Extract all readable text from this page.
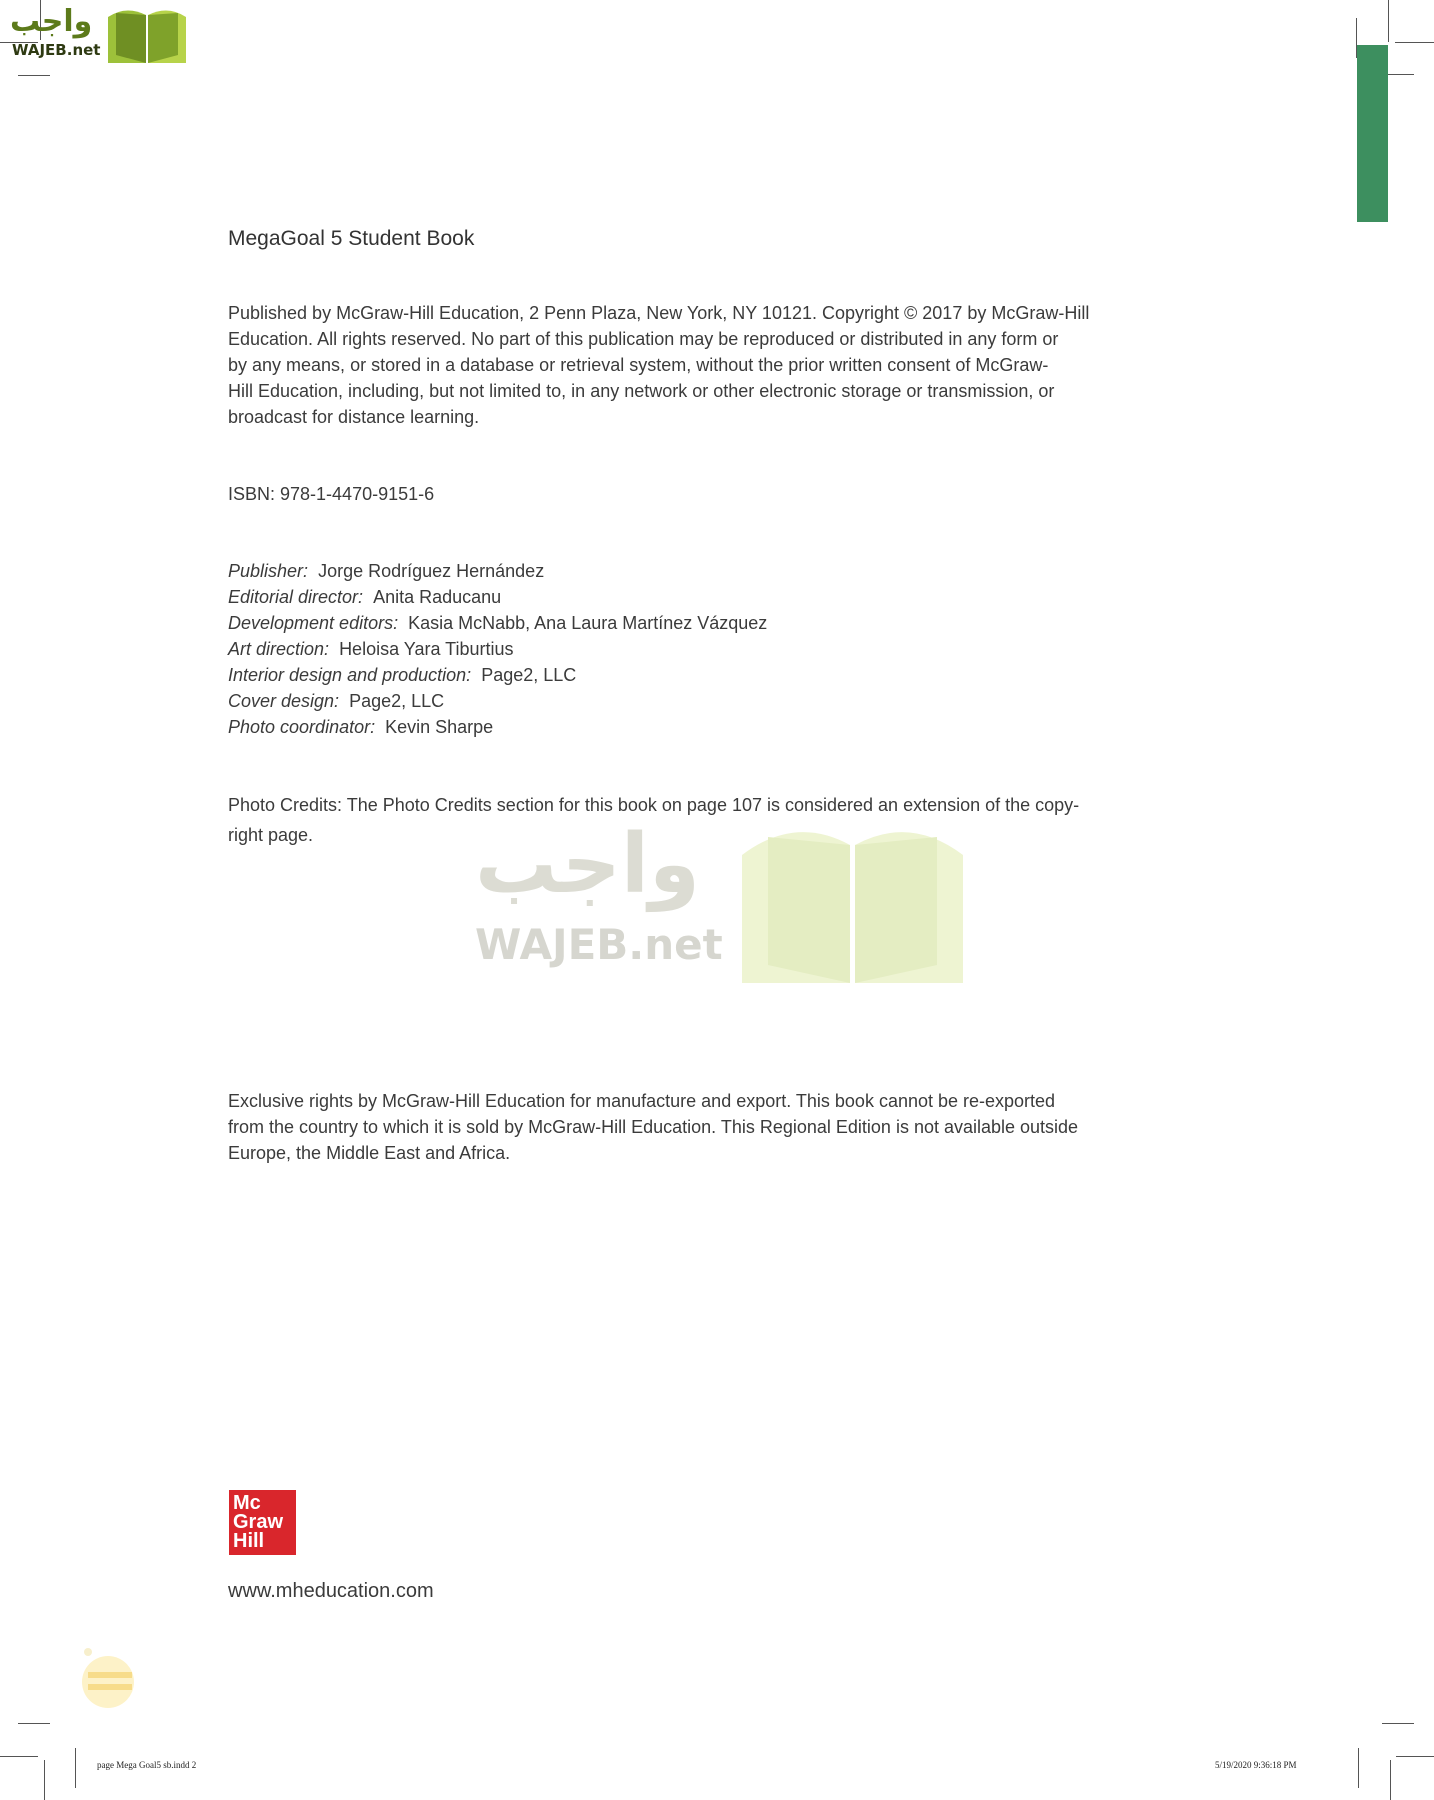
واجب
WAJEB.net
MegaGoal 5 Student Book
Published by McGraw-Hill Education, 2 Penn Plaza, New York, NY 10121. Copyright © 2017 by McGraw-Hill
Education. All rights reserved. No part of this publication may be reproduced or distributed in any form or
by any means, or stored in a database or retrieval system, without the prior written consent of McGraw-
Hill Education, including, but not limited to, in any network or other electronic storage or transmission, or
broadcast for distance learning.
ISBN: 978-1-4470-9151-6
Publisher: Jorge Rodríguez Hernández
Editorial director: Anita Raducanu
Development editors: Kasia McNabb, Ana Laura Martínez Vázquez
Art direction: Heloisa Yara Tiburtius
Interior design and production: Page2, LLC
Cover design: Page2, LLC
Photo coordinator: Kevin Sharpe
Photo Credits: The Photo Credits section for this book on page 107 is considered an extension of the copy-
right page.	واجب
WAJEB.net
Exclusive rights by McGraw-Hill Education for manufacture and export. This book cannot be re-exported
from the country to which it is sold by McGraw-Hill Education. This Regional Edition is not available outside
Europe, the Middle East and Africa.
Mc
Graw
Hill
www.mheducation.com
page Mega Goal5 sb.indd 2	5/19/2020 9:36:18 PM
